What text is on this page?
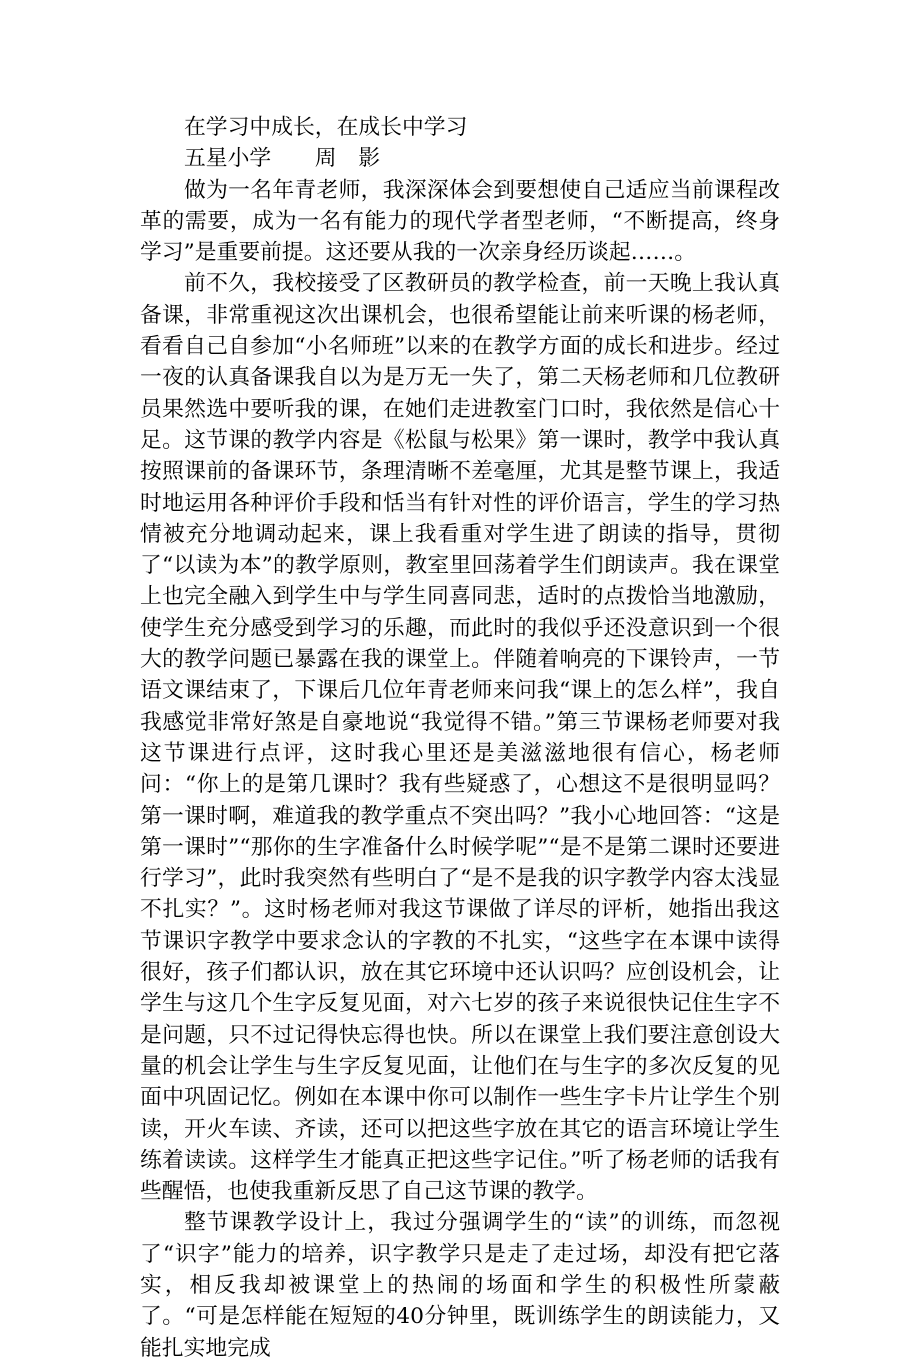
在学习中成长，在成长中学习
五星小学　　周　影

做为一名年青老师，我深深体会到要想使自己适应当前课程改革的需要，成为一名有能力的现代学者型老师，“不断提高，终身学习”是重要前提。这还要从我的一次亲身经历谈起……。

前不久，我校接受了区教研员的教学检查，前一天晚上我认真备课，非常重视这次出课机会，也很希望能让前来听课的杨老师，看看自己自参加“小名师班”以来的在教学方面的成长和进步。经过一夜的认真备课我自以为是万无一失了，第二天杨老师和几位教研员果然选中要听我的课，在她们走进教室门口时，我依然是信心十足。这节课的教学内容是《松鼠与松果》第一课时，教学中我认真按照课前的备课环节，条理清晰不差毫厘，尤其是整节课上，我适时地运用各种评价手段和恬当有针对性的评价语言，学生的学习热情被充分地调动起来，课上我看重对学生进了朗读的指导，贯彻了“以读为本”的教学原则，教室里回荡着学生们朗读声。我在课堂上也完全融入到学生中与学生同喜同悲，适时的点拨恰当地激励，使学生充分感受到学习的乐趣，而此时的我似乎还没意识到一个很大的教学问题已暴露在我的课堂上。伴随着响亮的下课铃声，一节语文课结束了，下课后几位年青老师来问我“课上的怎么样”，我自我感觉非常好煞是自豪地说“我觉得不错。”第三节课杨老师要对我这节课进行点评，这时我心里还是美滋滋地很有信心，杨老师问：“你上的是第几课时？我有些疑惑了，心想这不是很明显吗？第一课时啊，难道我的教学重点不突出吗？”我小心地回答：“这是第一课时”“那你的生字准备什么时候学呢”“是不是第二课时还要进行学习”，此时我突然有些明白了“是不是我的识字教学内容太浅显不扎实？”。这时杨老师对我这节课做了详尽的评析，她指出我这节课识字教学中要求念认的字教的不扎实，“这些字在本课中读得很好，孩子们都认识，放在其它环境中还认识吗？应创设机会，让学生与这几个生字反复见面，对六七岁的孩子来说很快记住生字不是问题，只不过记得快忘得也快。所以在课堂上我们要注意创设大量的机会让学生与生字反复见面，让他们在与生字的多次反复的见面中巩固记忆。例如在本课中你可以制作一些生字卡片让学生个别读，开火车读、齐读，还可以把这些字放在其它的语言环境让学生练着读读。这样学生才能真正把这些字记住。”听了杨老师的话我有些醒悟，也使我重新反思了自己这节课的教学。

整节课教学设计上，我过分强调学生的“读”的训练，而忽视了“识字”能力的培养，识字教学只是走了走过场，却没有把它落实，相反我却被课堂上的热闹的场面和学生的积极性所蒙蔽了。“可是怎样能在短短的40分钟里，既训练学生的朗读能力，又能扎实地完成
